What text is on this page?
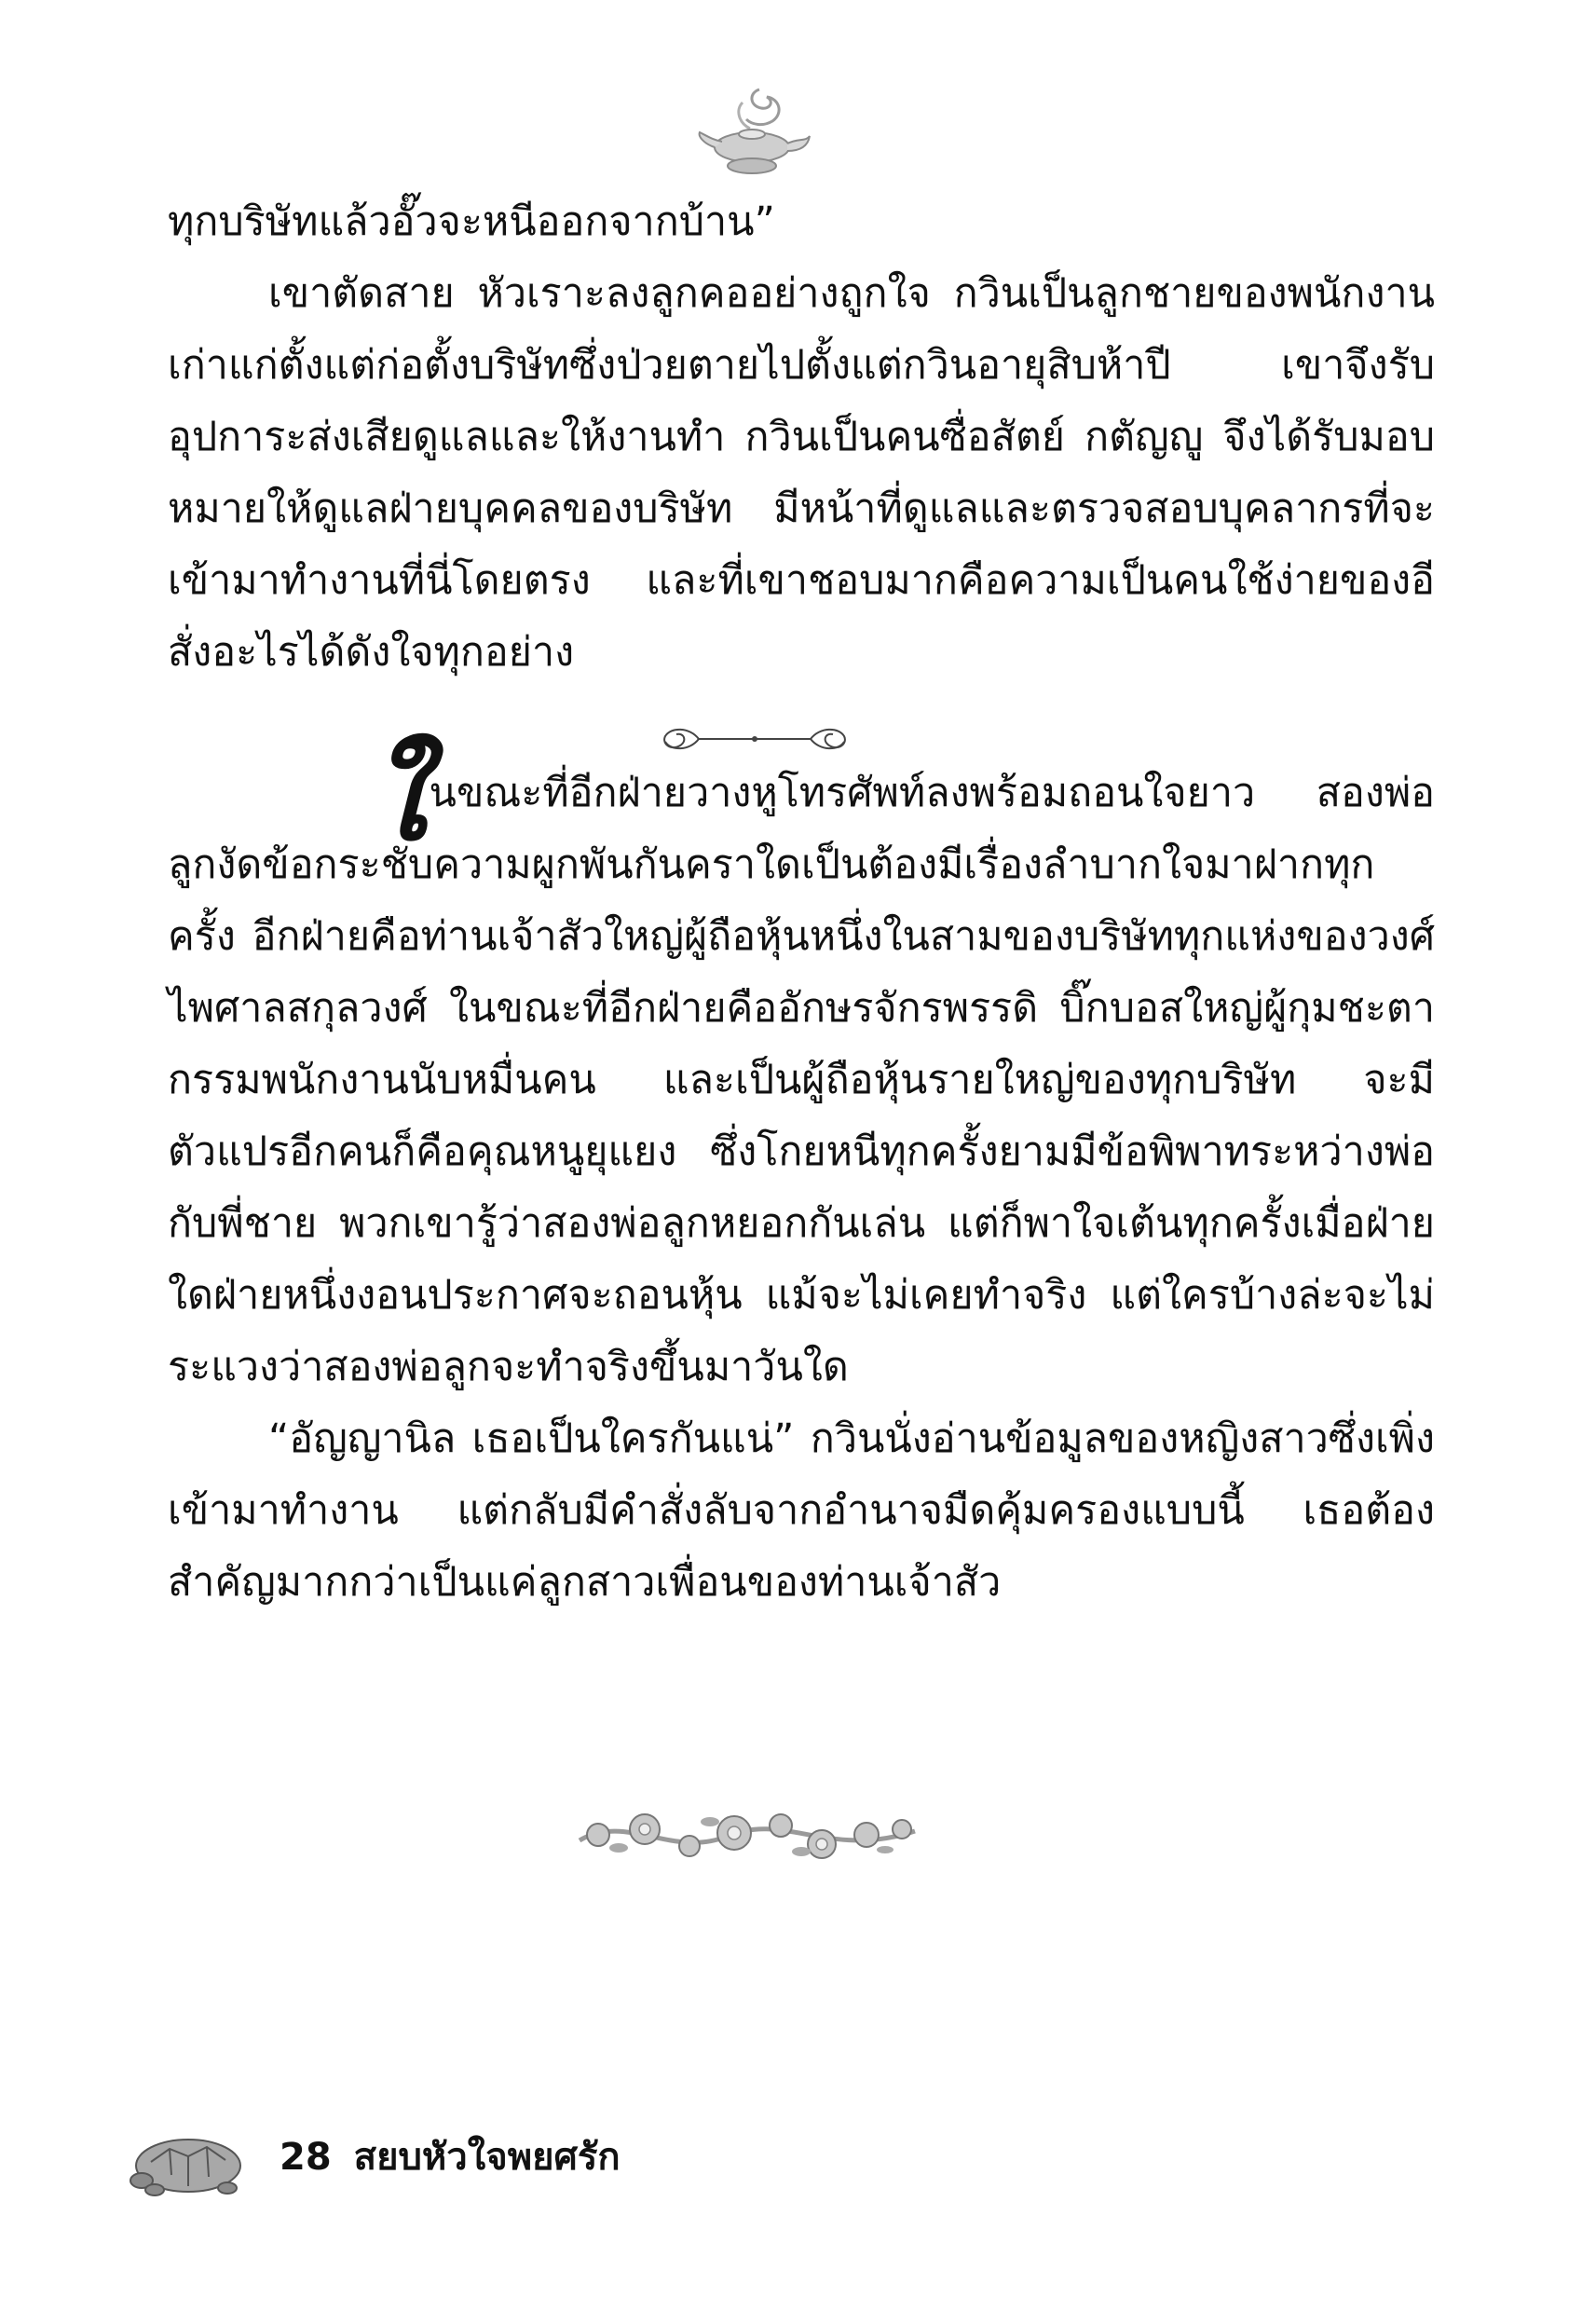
ทุกบริษัทแล้วอั๊วจะหนีออกจากบ้าน”

เขาตัดสาย หัวเราะลงลูกคออย่างถูกใจ กวินเป็นลูกชายของพนักงานเก่าแก่ตั้งแต่ก่อตั้งบริษัทซึ่งป่วยตายไปตั้งแต่กวินอายุสิบห้าปี เขาจึงรับอุปการะส่งเสียดูแลและให้งานทำ กวินเป็นคนซื่อสัตย์ กตัญญู จึงได้รับมอบหมายให้ดูแลฝ่ายบุคคลของบริษัท มีหน้าที่ดูแลและตรวจสอบบุคลากรที่จะเข้ามาทำงานที่นี่โดยตรง และที่เขาชอบมากคือความเป็นคนใช้ง่ายของอี สั่งอะไรได้ดังใจทุกอย่าง

ในขณะที่อีกฝ่ายวางหูโทรศัพท์ลงพร้อมถอนใจยาว สองพ่อลูกงัดข้อกระชับความผูกพันกันคราใดเป็นต้องมีเรื่องลำบากใจมาฝากทุกครั้ง อีกฝ่ายคือท่านเจ้าสัวใหญ่ผู้ถือหุ้นหนึ่งในสามของบริษัททุกแห่งของวงศ์ไพศาลสกุลวงศ์ ในขณะที่อีกฝ่ายคืออักษรจักรพรรดิ บิ๊กบอสใหญ่ผู้กุมชะตากรรมพนักงานนับหมื่นคน และเป็นผู้ถือหุ้นรายใหญ่ของทุกบริษัท จะมีตัวแปรอีกคนก็คือคุณหนูยุแยง ซึ่งโกยหนีทุกครั้งยามมีข้อพิพาทระหว่างพ่อกับพี่ชาย พวกเขารู้ว่าสองพ่อลูกหยอกกันเล่น แต่ก็พาใจเต้นทุกครั้งเมื่อฝ่ายใดฝ่ายหนึ่งงอนประกาศจะถอนหุ้น แม้จะไม่เคยทำจริง แต่ใครบ้างล่ะจะไม่ระแวงว่าสองพ่อลูกจะทำจริงขึ้นมาวันใด

“อัญญานิล เธอเป็นใครกันแน่” กวินนั่งอ่านข้อมูลของหญิงสาวซึ่งเพิ่งเข้ามาทำงาน แต่กลับมีคำสั่งลับจากอำนาจมืดคุ้มครองแบบนี้ เธอต้องสำคัญมากกว่าเป็นแค่ลูกสาวเพื่อนของท่านเจ้าสัว

28 สยบหัวใจพยศรัก
